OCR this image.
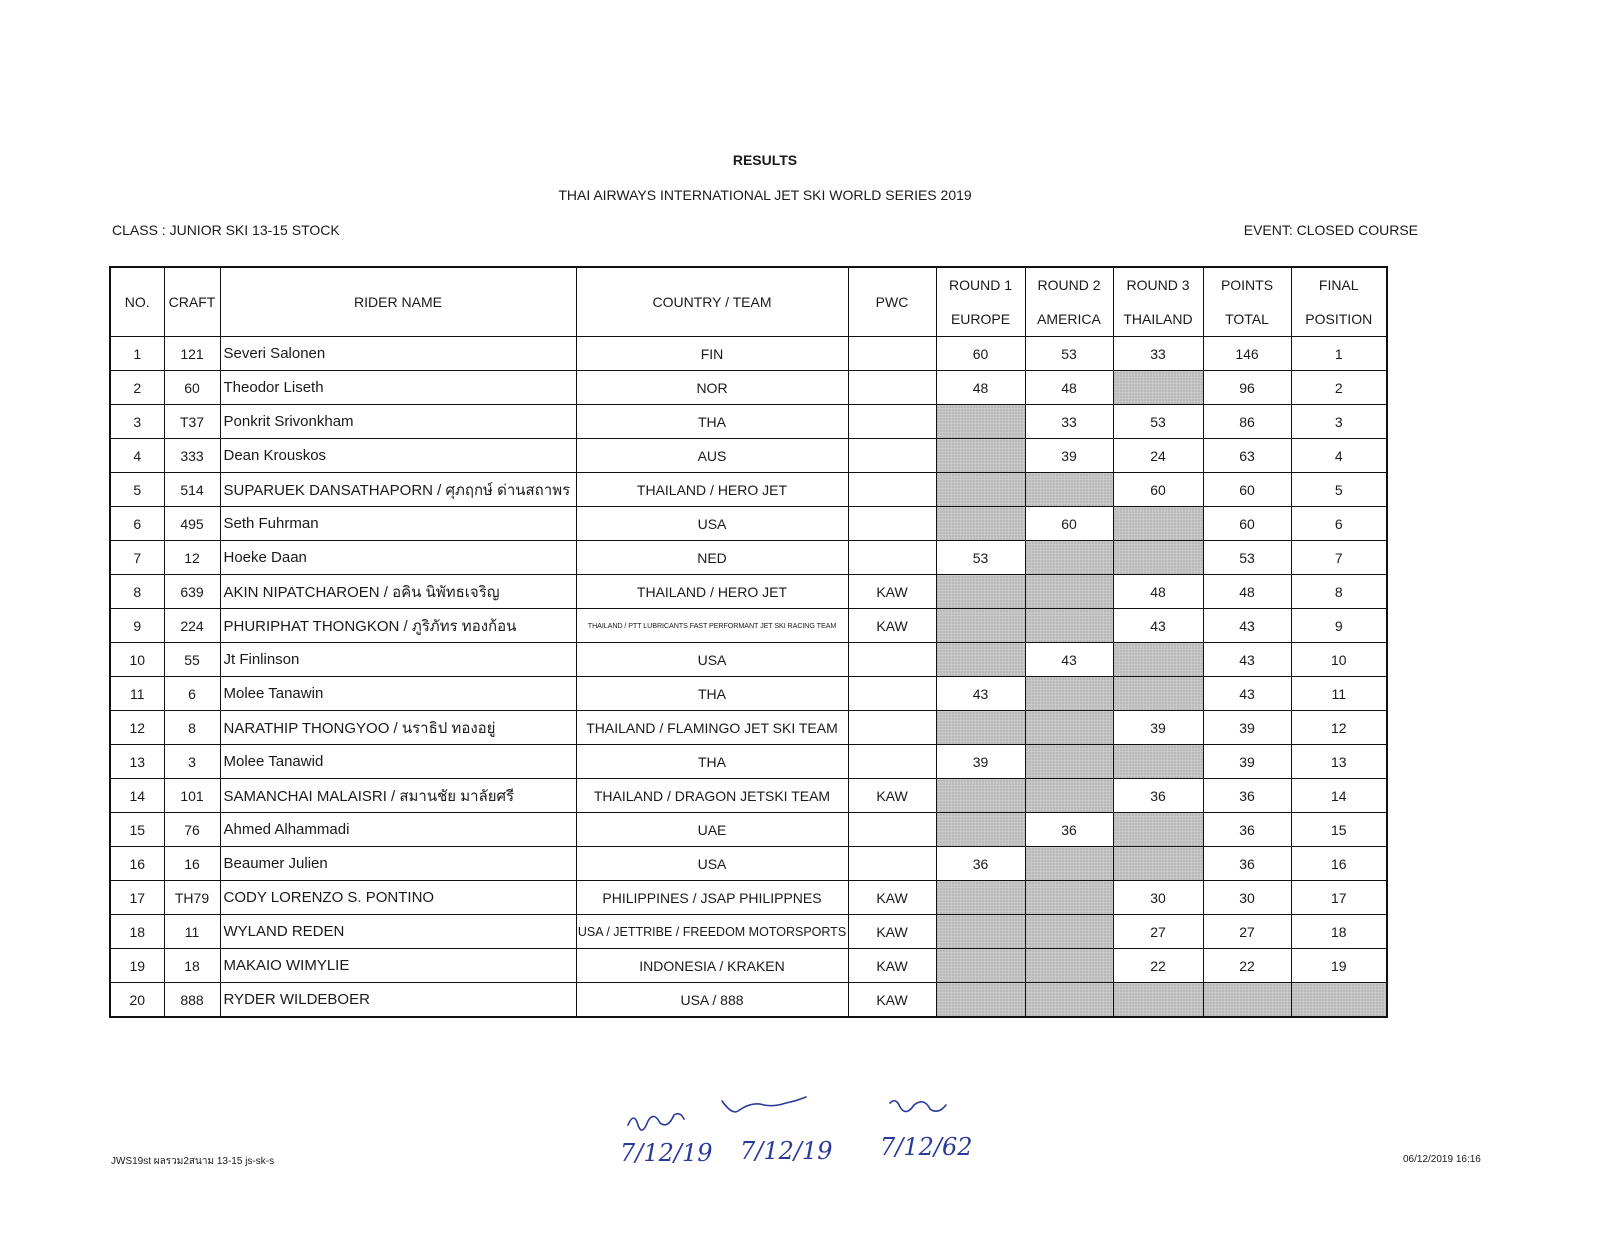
RESULTS
THAI AIRWAYS INTERNATIONAL JET SKI WORLD SERIES 2019
CLASS : JUNIOR SKI 13-15 STOCK	EVENT: CLOSED COURSE
NO.	CRAFT	RIDER NAME	COUNTRY / TEAM	PWC	ROUND 1	ROUND 2	ROUND 3	POINTS	FINAL
					EUROPE	AMERICA	THAILAND	TOTAL	POSITION
1	121	Severi Salonen	FIN		60	53	33	146	1
2	60	Theodor Liseth	NOR		48	48		96	2
3	T37	Ponkrit Srivonkham	THA			33	53	86	3
4	333	Dean Krouskos	AUS			39	24	63	4
5	514	SUPARUEK DANSATHAPORN / ศุภฤกษ์ ด่านสถาพร	THAILAND / HERO JET				60	60	5
6	495	Seth Fuhrman	USA			60		60	6
7	12	Hoeke Daan	NED		53			53	7
8	639	AKIN NIPATCHAROEN / อคิน นิพัทธเจริญ	THAILAND / HERO JET	KAW			48	48	8
9	224	PHURIPHAT THONGKON / ภูริภัทร ทองก้อน	THAILAND / PTT LUBRICANTS FAST PERFORMANT JET SKI RACING TEAM	KAW			43	43	9
10	55	Jt Finlinson	USA			43		43	10
11	6	Molee Tanawin	THA		43			43	11
12	8	NARATHIP THONGYOO / นราธิป ทองอยู่	THAILAND / FLAMINGO JET SKI TEAM				39	39	12
13	3	Molee Tanawid	THA		39			39	13
14	101	SAMANCHAI MALAISRI / สมานชัย มาลัยศรี	THAILAND / DRAGON JETSKI TEAM	KAW			36	36	14
15	76	Ahmed Alhammadi	UAE			36		36	15
16	16	Beaumer Julien	USA		36			36	16
17	TH79	CODY LORENZO S. PONTINO	PHILIPPINES / JSAP PHILIPPNES	KAW			30	30	17
18	11	WYLAND REDEN	USA / JETTRIBE / FREEDOM MOTORSPORTS	KAW			27	27	18
19	18	MAKAIO WIMYLIE	INDONESIA / KRAKEN	KAW			22	22	19
20	888	RYDER WILDEBOER	USA / 888	KAW					
JWS19st ผลรวม2สนาม 13-15 js-sk-s	06/12/2019 16:16
7/12/19 7/12/19 7/12/62
